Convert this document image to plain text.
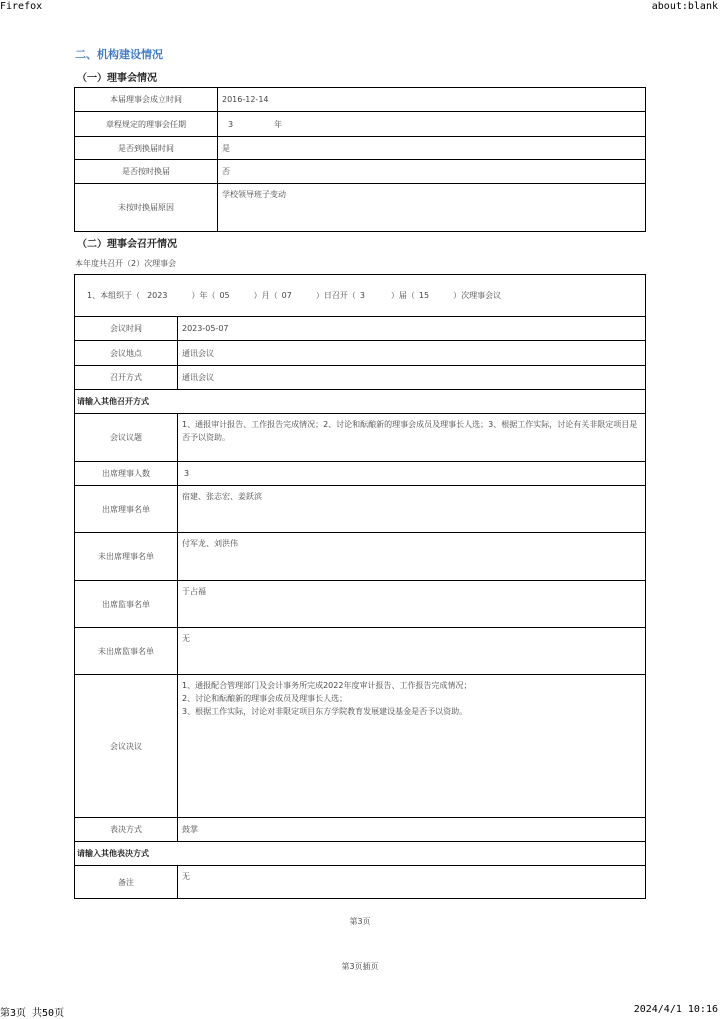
Firefox	about:blank
二、机构建设情况
（一）理事会情况
本届理事会成立时间	2016-12-14
章程规定的理事会任期	3 年
是否到换届时间	是
是否按时换届	否
未按时换届原因	学校领导班子变动
（二）理事会召开情况
本年度共召开（2）次理事会
1、本组织于（ 2023 ）年（ 05 ）月（ 07 ）日召开（ 3 ）届（ 15 ）次理事会议	
会议时间	2023-05-07
会议地点	通讯会议
召开方式	通讯会议
请输入其他召开方式	
会议议题	1、通报审计报告、工作报告完成情况；2、讨论和酝酿新的理事会成员及理事长人选；3、根据工作实际，讨论有关非限定项目是否予以资助。
出席理事人数	3
出席理事名单	宿建、张志宏、姜跃滨
未出席理事名单	付军龙、刘洪伟
出席监事名单	于占福
未出席监事名单	无
会议决议	1、通报配合管理部门及会计事务所完成2022年度审计报告、工作报告完成情况；
2、讨论和酝酿新的理事会成员及理事长人选；
3、根据工作实际，讨论对非限定项目东方学院教育发展建设基金是否予以资助。

表决方式	鼓掌
请输入其他表决方式	
备注	无
第3页
第3页插页
第3页 共50页	2024/4/1 10:16
